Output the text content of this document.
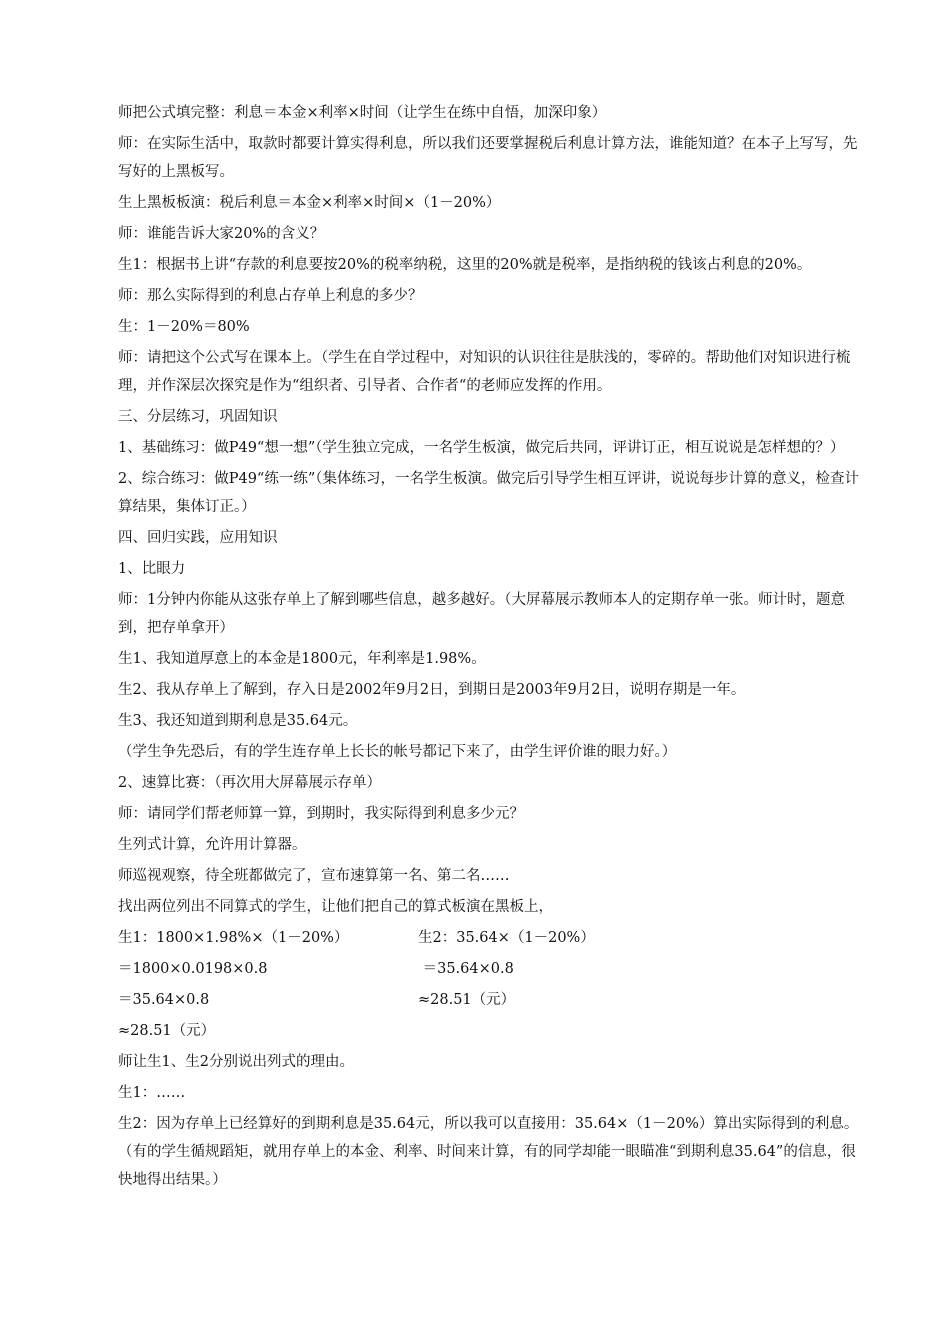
师把公式填完整：利息＝本金×利率×时间（让学生在练中自悟，加深印象）

师：在实际生活中，取款时都要计算实得利息，所以我们还要掌握税后利息计算方法，谁能知道？在本子上写写，先写好的上黑板写。

生上黑板板演：税后利息＝本金×利率×时间×（1－20%）

师：谁能告诉大家20%的含义？

生1：根据书上讲“存款的利息要按20%的税率纳税，这里的20%就是税率，是指纳税的钱该占利息的20%。

师：那么实际得到的利息占存单上利息的多少？

生：1－20%＝80%

师：请把这个公式写在课本上。（学生在自学过程中，对知识的认识往往是肤浅的，零碎的。帮助他们对知识进行梳理，并作深层次探究是作为“组织者、引导者、合作者“的老师应发挥的作用。

三、分层练习，巩固知识

1、基础练习：做P49“想一想”（学生独立完成，一名学生板演，做完后共同，评讲订正，相互说说是怎样想的？）

2、综合练习：做P49“练一练”（集体练习，一名学生板演。做完后引导学生相互评讲，说说每步计算的意义，检查计算结果，集体订正。）

四、回归实践，应用知识

1、比眼力

师：1分钟内你能从这张存单上了解到哪些信息，越多越好。（大屏幕展示教师本人的定期存单一张。师计时，题意到，把存单拿开）

生1、我知道厚意上的本金是1800元，年利率是1.98%。

生2、我从存单上了解到，存入日是2002年9月2日，到期日是2003年9月2日，说明存期是一年。

生3、我还知道到期利息是35.64元。

（学生争先恐后，有的学生连存单上长长的帐号都记下来了，由学生评价谁的眼力好。）

2、速算比赛：（再次用大屏幕展示存单）

师：请同学们帮老师算一算，到期时，我实际得到利息多少元？

生列式计算，允许用计算器。

师巡视观察，待全班都做完了，宣布速算第一名、第二名……

找出两位列出不同算式的学生，让他们把自己的算式板演在黑板上，

生1：1800×1.98%×（1－20%）	生2：35.64×（1－20%）
＝1800×0.0198×0.8	＝35.64×0.8
＝35.64×0.8	≈28.51（元）

≈28.51（元）

师让生1、生2分别说出列式的理由。

生1：……

生2：因为存单上已经算好的到期利息是35.64元，所以我可以直接用：35.64×（1－20%）算出实际得到的利息。（有的学生循规蹈矩，就用存单上的本金、利率、时间来计算，有的同学却能一眼瞄准“到期利息35.64”的信息，很快地得出结果。）
